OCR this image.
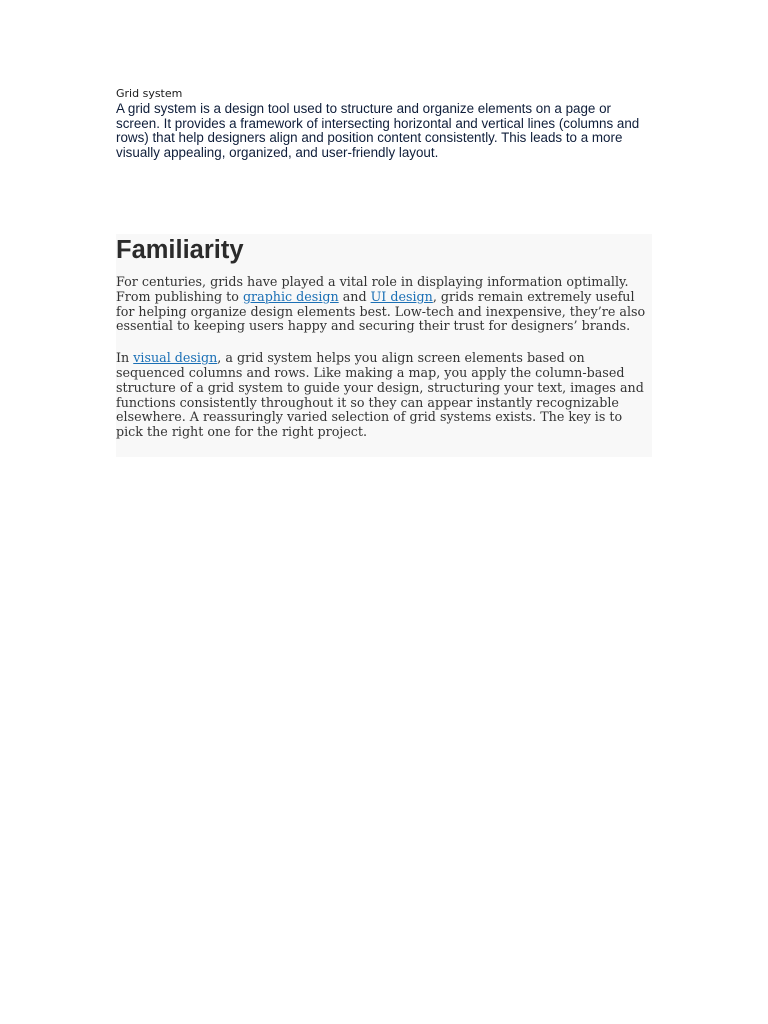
Grid system

A grid system is a design tool used to structure and organize elements on a page or screen. It provides a framework of intersecting horizontal and vertical lines (columns and rows) that help designers align and position content consistently. This leads to a more visually appealing, organized, and user-friendly layout.

Familiarity

For centuries, grids have played a vital role in displaying information optimally. From publishing to graphic design and UI design, grids remain extremely useful for helping organize design elements best. Low-tech and inexpensive, they’re also essential to keeping users happy and securing their trust for designers’ brands.

In visual design, a grid system helps you align screen elements based on sequenced columns and rows. Like making a map, you apply the column-based structure of a grid system to guide your design, structuring your text, images and functions consistently throughout it so they can appear instantly recognizable elsewhere. A reassuringly varied selection of grid systems exists. The key is to pick the right one for the right project.
